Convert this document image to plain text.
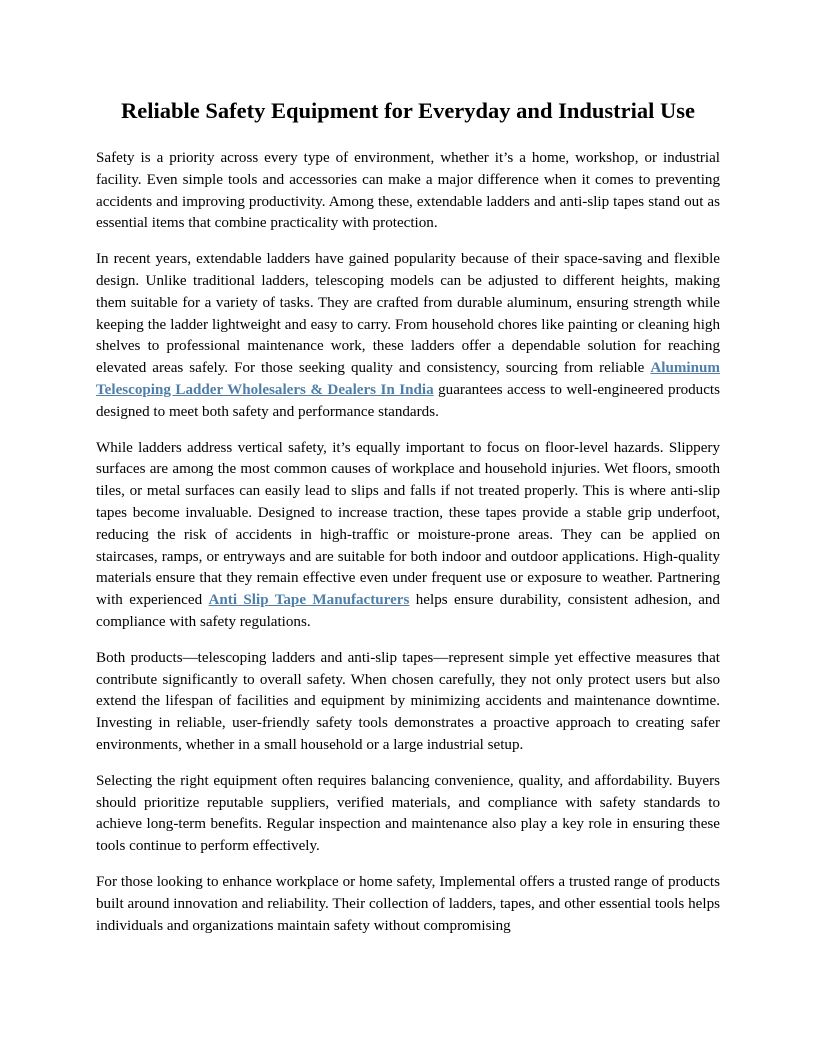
Reliable Safety Equipment for Everyday and Industrial Use

Safety is a priority across every type of environment, whether it’s a home, workshop, or industrial facility. Even simple tools and accessories can make a major difference when it comes to preventing accidents and improving productivity. Among these, extendable ladders and anti-slip tapes stand out as essential items that combine practicality with protection.

In recent years, extendable ladders have gained popularity because of their space-saving and flexible design. Unlike traditional ladders, telescoping models can be adjusted to different heights, making them suitable for a variety of tasks. They are crafted from durable aluminum, ensuring strength while keeping the ladder lightweight and easy to carry. From household chores like painting or cleaning high shelves to professional maintenance work, these ladders offer a dependable solution for reaching elevated areas safely. For those seeking quality and consistency, sourcing from reliable Aluminum Telescoping Ladder Wholesalers & Dealers In India guarantees access to well-engineered products designed to meet both safety and performance standards.

While ladders address vertical safety, it’s equally important to focus on floor-level hazards. Slippery surfaces are among the most common causes of workplace and household injuries. Wet floors, smooth tiles, or metal surfaces can easily lead to slips and falls if not treated properly. This is where anti-slip tapes become invaluable. Designed to increase traction, these tapes provide a stable grip underfoot, reducing the risk of accidents in high-traffic or moisture-prone areas. They can be applied on staircases, ramps, or entryways and are suitable for both indoor and outdoor applications. High-quality materials ensure that they remain effective even under frequent use or exposure to weather. Partnering with experienced Anti Slip Tape Manufacturers helps ensure durability, consistent adhesion, and compliance with safety regulations.

Both products—telescoping ladders and anti-slip tapes—represent simple yet effective measures that contribute significantly to overall safety. When chosen carefully, they not only protect users but also extend the lifespan of facilities and equipment by minimizing accidents and maintenance downtime. Investing in reliable, user-friendly safety tools demonstrates a proactive approach to creating safer environments, whether in a small household or a large industrial setup.

Selecting the right equipment often requires balancing convenience, quality, and affordability. Buyers should prioritize reputable suppliers, verified materials, and compliance with safety standards to achieve long-term benefits. Regular inspection and maintenance also play a key role in ensuring these tools continue to perform effectively.

For those looking to enhance workplace or home safety, Implemental offers a trusted range of products built around innovation and reliability. Their collection of ladders, tapes, and other essential tools helps individuals and organizations maintain safety without compromising
